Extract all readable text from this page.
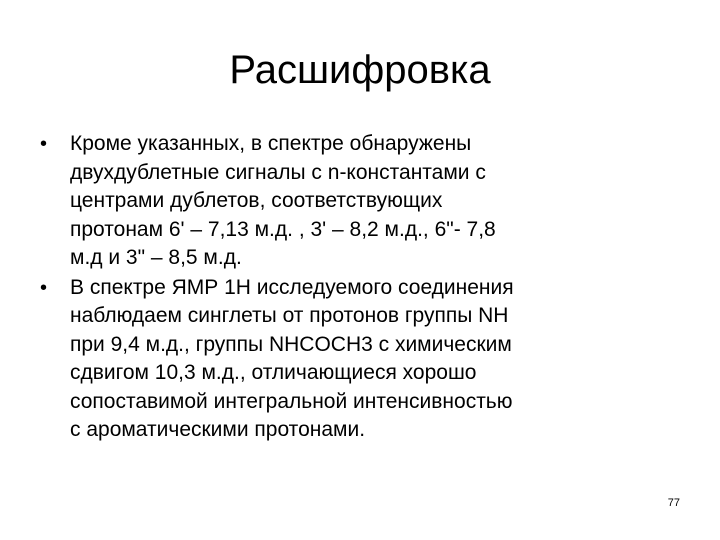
Расшифровка
•	Кроме указанных, в спектре обнаружены
двухдублетные сигналы с n-константами с
центрами дублетов, соответствующих
протонам 6' – 7,13 м.д. , 3' – 8,2 м.д., 6"- 7,8
м.д и 3" – 8,5 м.д.
•	В спектре ЯМР 1Н исследуемого соединения
наблюдаем синглеты от протонов группы NH
при 9,4 м.д., группы NHCOCH3 с химическим
сдвигом 10,3 м.д., отличающиеся хорошо
сопоставимой интегральной интенсивностью
с ароматическими протонами.
77
